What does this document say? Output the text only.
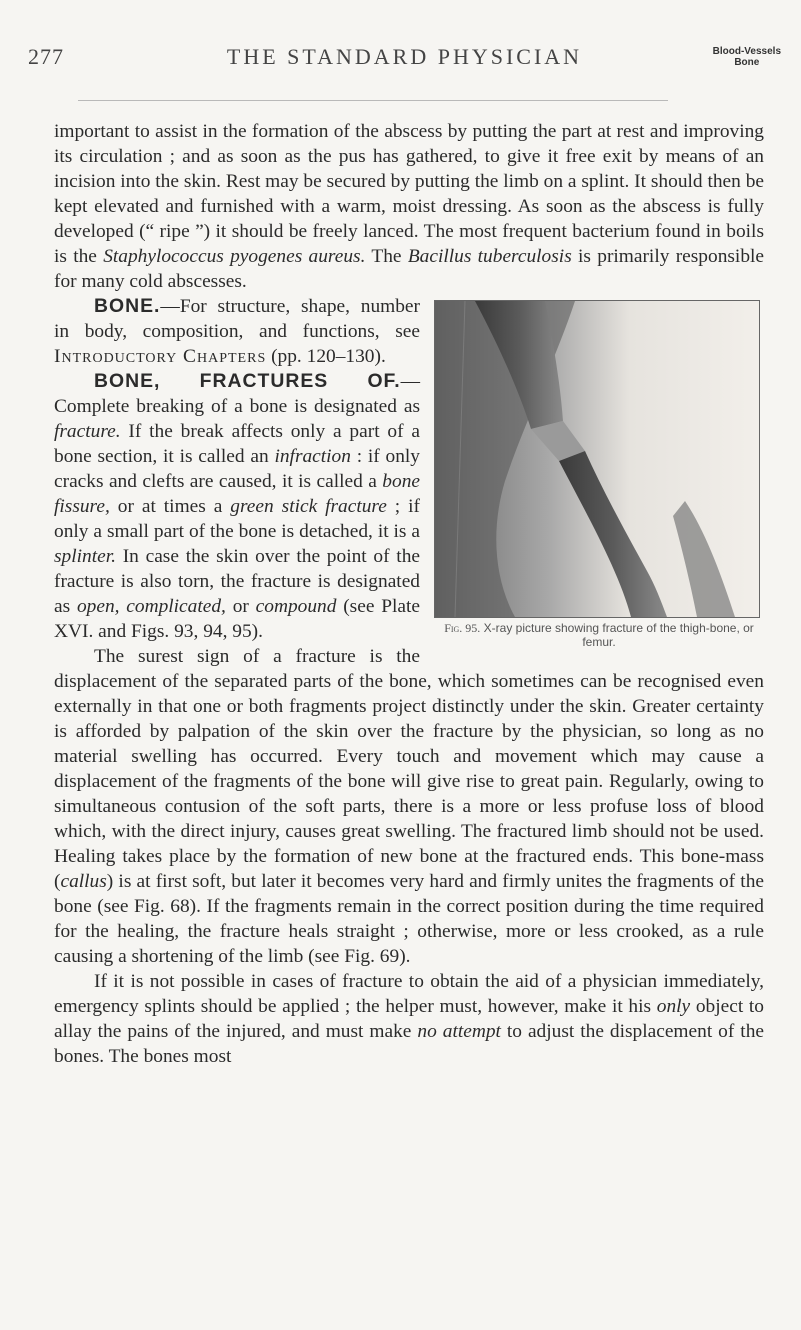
277	THE STANDARD PHYSICIAN	Blood-Vessels
Bone

important to assist in the formation of the abscess by putting the part at rest and improving its circulation ; and as soon as the pus has gathered, to give it free exit by means of an incision into the skin. Rest may be secured by putting the limb on a splint. It should then be kept elevated and furnished with a warm, moist dressing. As soon as the abscess is fully developed (“ ripe ”) it should be freely lanced. The most frequent bacterium found in boils is the Staphylococcus pyogenes aureus. The Bacillus tuberculosis is primarily responsible for many cold abscesses.

Fig. 95. X-ray picture showing fracture of the thigh-bone, or femur.

BONE.—For structure, shape, number in body, composition, and functions, see Introductory Chapters (pp. 120–130).

BONE, FRACTURES OF.—Complete breaking of a bone is designated as fracture. If the break affects only a part of a bone section, it is called an infraction : if only cracks and clefts are caused, it is called a bone fissure, or at times a green stick fracture ; if only a small part of the bone is detached, it is a splinter. In case the skin over the point of the fracture is also torn, the fracture is designated as open, complicated, or compound (see Plate XVI. and Figs. 93, 94, 95).

The surest sign of a fracture is the displacement of the separated parts of the bone, which sometimes can be recognised even externally in that one or both fragments project distinctly under the skin. Greater certainty is afforded by palpation of the skin over the fracture by the physician, so long as no material swelling has occurred. Every touch and movement which may cause a displacement of the fragments of the bone will give rise to great pain. Regularly, owing to simultaneous contusion of the soft parts, there is a more or less profuse loss of blood which, with the direct injury, causes great swelling. The fractured limb should not be used. Healing takes place by the formation of new bone at the fractured ends. This bone-mass (callus) is at first soft, but later it becomes very hard and firmly unites the fragments of the bone (see Fig. 68). If the fragments remain in the correct position during the time required for the healing, the fracture heals straight ; otherwise, more or less crooked, as a rule causing a shortening of the limb (see Fig. 69).

If it is not possible in cases of fracture to obtain the aid of a physician immediately, emergency splints should be applied ; the helper must, however, make it his only object to allay the pains of the injured, and must make no attempt to adjust the displacement of the bones. The bones most
